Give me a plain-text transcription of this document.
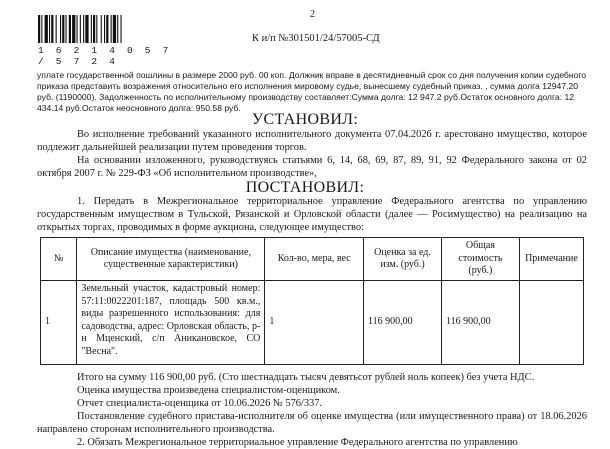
1 6 2 1 4 0 5 7 / 5 7 2 4
2
К и/п №301501/24/57005-СД
уплате государственной пошлины в размере 2000 руб. 00 коп. Должник вправе в десятидневный срок со дня получения копии судебного приказа представить возражения относительно его исполнения мировому судье, вынесшему судебный приказ. , сумма долга 12947.20 руб. (1190000). Задолженность по исполнительному производству составляет:Сумма долга: 12 947.2 руб.Остаток основного долга: 12 434.14 руб.Остаток неосновного долга: 950.58 руб.
УСТАНОВИЛ:
Во исполнение требований указанного исполнительного документа 07.04.2026 г. арестовано имущество, которое подлежит дальнейшей реализации путем проведения торгов.
На основании изложенного, руководствуясь статьями 6, 14, 68, 69, 87, 89, 91, 92 Федерального закона от 02 октября 2007 г. № 229-ФЗ «Об исполнительном производстве»,
ПОСТАНОВИЛ:
1. Передать в Межрегиональное территориальное управление Федерального агентства по управлению государственным имуществом в Тульской, Рязанской и Орловской области (далее — Росимущество) на реализацию на открытых торгах, проводимых в форме аукциона, следующее имущество:
№	Описание имущества (наименование, существенные характеристики)	Кол-во, мера, вес	Оценка за ед. изм. (руб.)	Общая стоимость (руб.)	Примечание
1	Земельный участок, кадастровый номер: 57:11:0022201:187, площадь 500 кв.м., виды разрешенного использования: для садоводства, адрес: Орловская область, р-н Мценский, с/п Аникановское, СО "Весна".	1	116 900,00	116 900,00	
Итого на сумму 116 900,00 руб. (Сто шестнадцать тысяч девятьсот рублей ноль копеек) без учета НДС.
Оценка имущества произведена специалистом-оценщиком.
Отчет специалиста-оценщика от 10.06.2026 № 576/337.
Постановление судебного пристава-исполнителя об оценке имущества (или имущественного права) от 18.06.2026 направлено сторонам исполнительного производства.
2. Обязать Межрегиональное территориальное управление Федерального агентства по управлению
